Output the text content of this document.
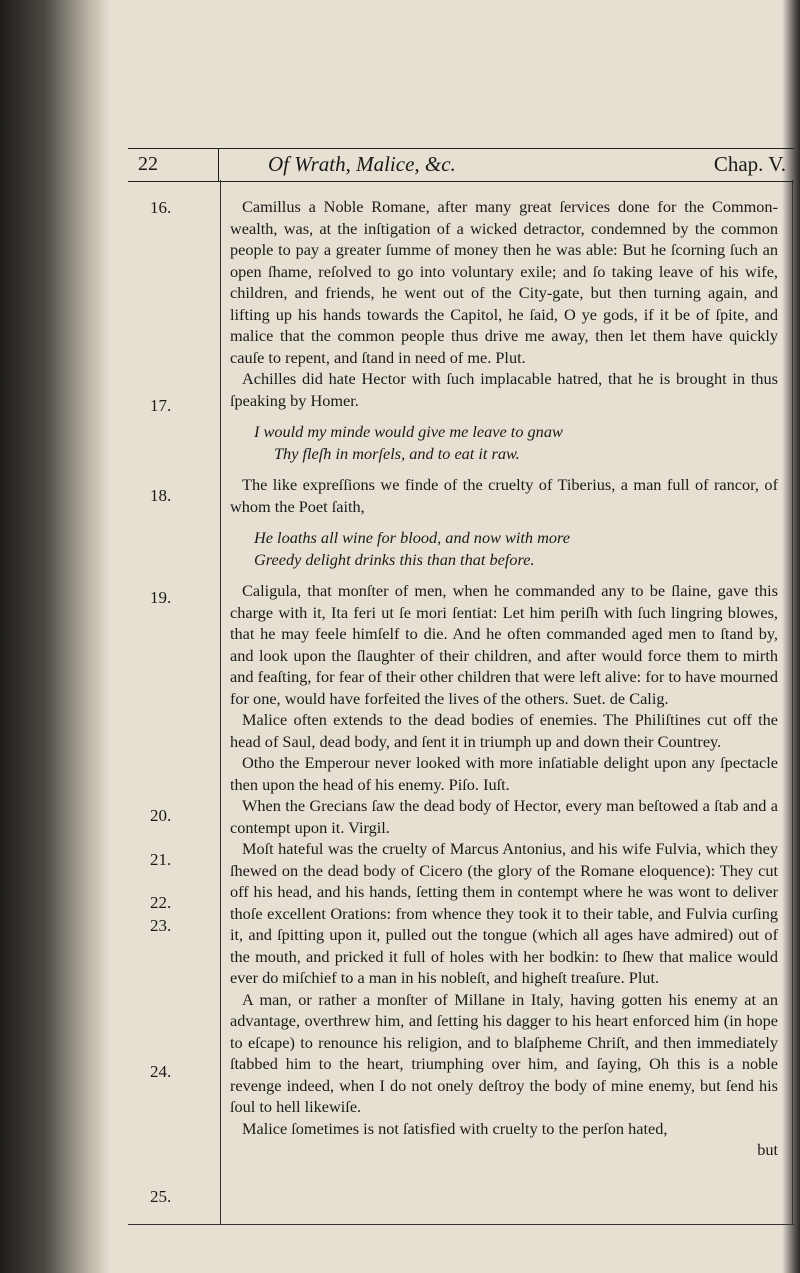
22	Of Wrath, Malice, &c.	Chap. V.
16.
17.
18.
19.
20.
21.
22.
23.
24.
25.

Camillus a Noble Romane, after many great ſervices done for the Common-wealth, was, at the inſtigation of a wicked detractor, condemned by the common people to pay a greater ſumme of money then he was able: But he ſcorning ſuch an open ſhame, reſolved to go into voluntary exile; and ſo taking leave of his wife, children, and friends, he went out of the City-gate, but then turning again, and lifting up his hands towards the Capitol, he ſaid, O ye gods, if it be of ſpite, and malice that the common people thus drive me away, then let them have quickly cauſe to repent, and ſtand in need of me. Plut.

Achilles did hate Hector with ſuch implacable hatred, that he is brought in thus ſpeaking by Homer.

I would my minde would give me leave to gnaw
Thy fleſh in morſels, and to eat it raw.

The like expreſſions we finde of the cruelty of Tiberius, a man full of rancor, of whom the Poet ſaith,

He loaths all wine for blood, and now with more
Greedy delight drinks this than that before.

Caligula, that monſter of men, when he commanded any to be ſlaine, gave this charge with it, Ita feri ut ſe mori ſentiat: Let him periſh with ſuch lingring blowes, that he may feele himſelf to die. And he often commanded aged men to ſtand by, and look upon the ſlaughter of their children, and after would force them to mirth and feaſting, for fear of their other children that were left alive: for to have mourned for one, would have forfeited the lives of the others. Suet. de Calig.

Malice often extends to the dead bodies of enemies. The Philiſtines cut off the head of Saul, dead body, and ſent it in triumph up and down their Countrey.

Otho the Emperour never looked with more inſatiable delight upon any ſpectacle then upon the head of his enemy. Piſo. Iuſt.

When the Grecians ſaw the dead body of Hector, every man beſtowed a ſtab and a contempt upon it. Virgil.

Moſt hateful was the cruelty of Marcus Antonius, and his wife Fulvia, which they ſhewed on the dead body of Cicero (the glory of the Romane eloquence): They cut off his head, and his hands, ſetting them in contempt where he was wont to deliver thoſe excellent Orations: from whence they took it to their table, and Fulvia curſing it, and ſpitting upon it, pulled out the tongue (which all ages have admired) out of the mouth, and pricked it full of holes with her bodkin: to ſhew that malice would ever do miſchief to a man in his nobleſt, and higheſt treaſure. Plut.

A man, or rather a monſter of Millane in Italy, having gotten his enemy at an advantage, overthrew him, and ſetting his dagger to his heart enforced him (in hope to eſcape) to renounce his religion, and to blaſpheme Chriſt, and then immediately ſtabbed him to the heart, triumphing over him, and ſaying, Oh this is a noble revenge indeed, when I do not onely deſtroy the body of mine enemy, but ſend his ſoul to hell likewiſe.

Malice ſometimes is not ſatisfied with cruelty to the perſon hated,

but
